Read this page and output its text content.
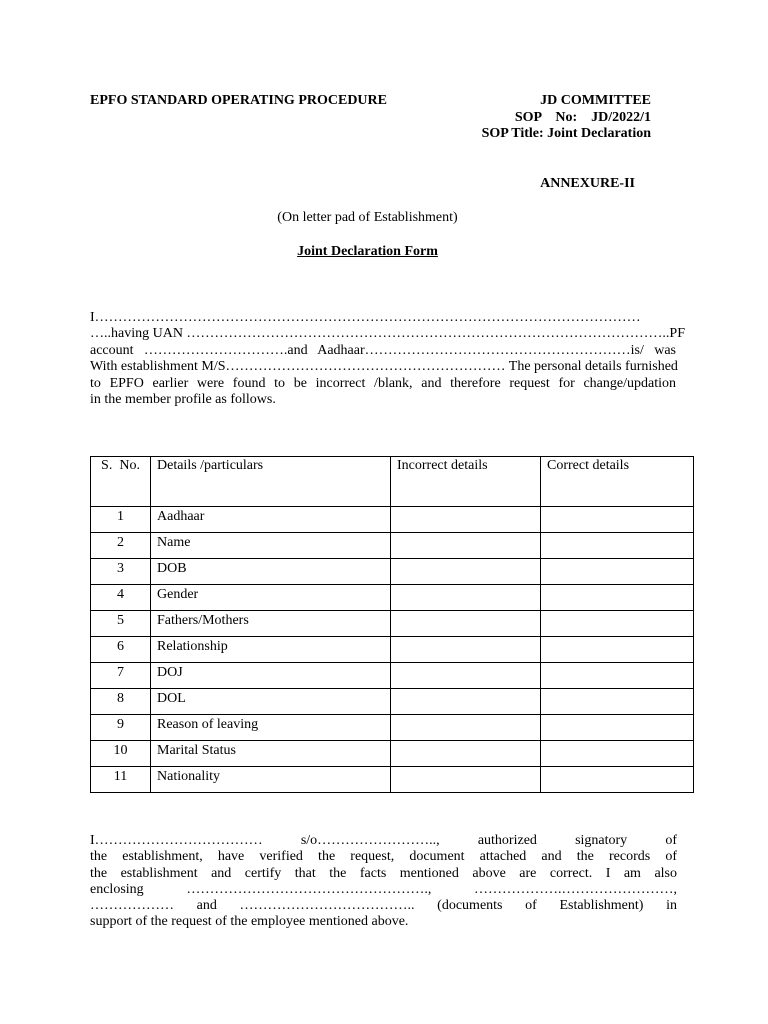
EPFO STANDARD OPERATING PROCEDURE	JD COMMITTEE
SOP    No:    JD/2022/1
SOP Title: Joint Declaration
ANNEXURE-II
(On letter pad of Establishment)
Joint Declaration Form
I………………………………………………………………………………………………………
…..having UAN …………………………………………………………………………………………..PF
account ………………………….and Aadhaar…………………………………………………is/ was
With establishment M/S…………………………………………………… The personal details furnished
to EPFO earlier were found to be incorrect /blank, and therefore request for change/updation
in the member profile as follows.
S.  No.	Details /particulars	Incorrect details	Correct details
1	Aadhaar		
2	Name		
3	DOB		
4	Gender		
5	Fathers/Mothers		
6	Relationship		
7	DOJ		
8	DOL		
9	Reason of leaving		
10	Marital Status		
11	Nationality		
I……………………………… s/o…………………….., authorized signatory of
the establishment, have verified the request, document attached and the records of
the establishment and certify that the facts mentioned above are correct. I am also
enclosing ……………………………………………., ……………….……………………,
……………… and ……………………………….. (documents of Establishment) in
support of the request of the employee mentioned above.
